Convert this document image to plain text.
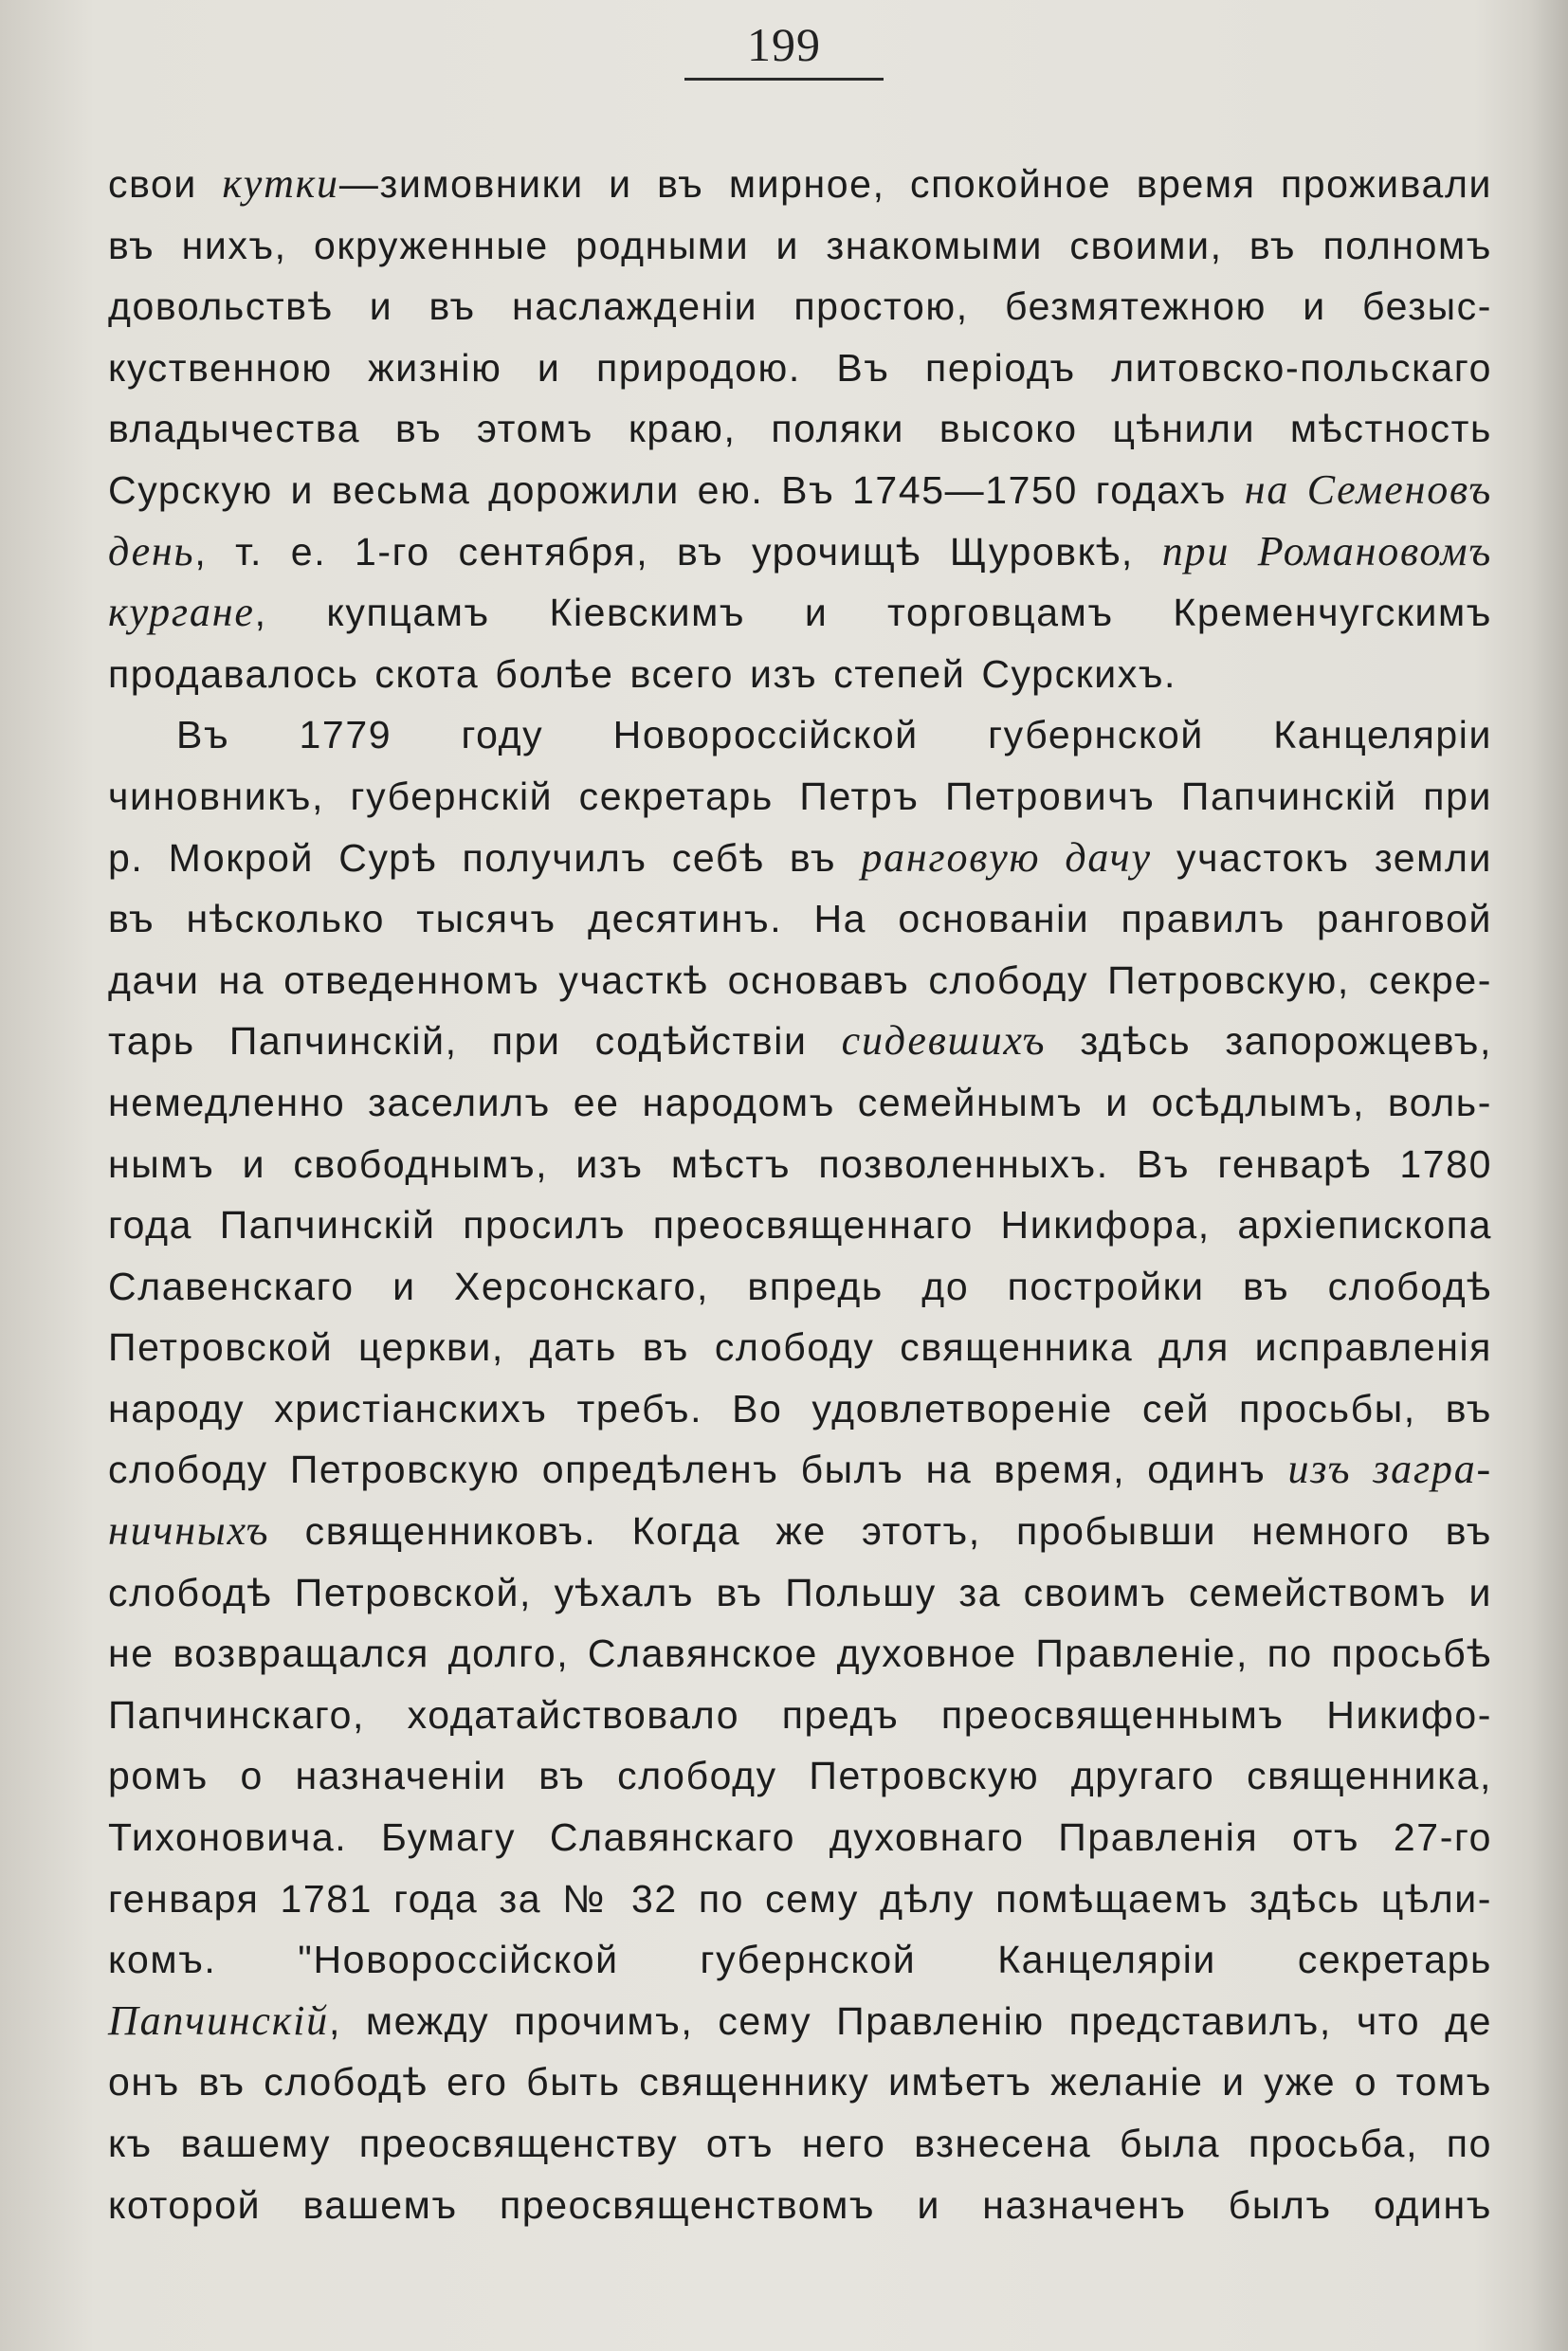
199
свои кутки—зимовники и въ мирное, спокойное время проживали
въ нихъ, окруженные родными и знакомыми своими, въ полномъ
довольствѣ и въ наслажденіи простою, безмятежною и безыс-
куственною жизнію и природою. Въ періодъ литовско-польскаго
владычества въ этомъ краю, поляки высоко цѣнили мѣстность
Сурскую и весьма дорожили ею. Въ 1745—1750 годахъ на Семеновъ
день, т. е. 1-го сентября, въ урочищѣ Щуровкѣ, при Романовомъ
кургане, купцамъ Кіевскимъ и торговцамъ Кременчугскимъ
продавалось скота болѣе всего изъ степей Сурскихъ.
Въ 1779 году Новороссійской губернской Канцеляріи
чиновникъ, губернскій секретарь Петръ Петровичъ Папчинскій при
р. Мокрой Сурѣ получилъ себѣ въ ранговую дачу участокъ земли
въ нѣсколько тысячъ десятинъ. На основаніи правилъ ранговой
дачи на отведенномъ участкѣ основавъ слободу Петровскую, секре-
тарь Папчинскій, при содѣйствіи сидевшихъ здѣсь запорожцевъ,
немедленно заселилъ ее народомъ семейнымъ и осѣдлымъ, воль-
нымъ и свободнымъ, изъ мѣстъ позволенныхъ. Въ генварѣ 1780
года Папчинскій просилъ преосвященнаго Никифора, архіепископа
Славенскаго и Херсонскаго, впредь до постройки въ слободѣ
Петровской церкви, дать въ слободу священника для исправленія
народу христіанскихъ требъ. Во удовлетвореніе сей просьбы, въ
слободу Петровскую опредѣленъ былъ на время, одинъ изъ загра-
ничныхъ священниковъ. Когда же этотъ, пробывши немного въ
слободѣ Петровской, уѣхалъ въ Польшу за своимъ семействомъ и
не возвращался долго, Славянское духовное Правленіе, по просьбѣ
Папчинскаго, ходатайствовало предъ преосвященнымъ Никифо-
ромъ о назначеніи въ слободу Петровскую другаго священника,
Тихоновича. Бумагу Славянскаго духовнаго Правленія отъ 27-го
генваря 1781 года за № 32 по сему дѣлу помѣщаемъ здѣсь цѣли-
комъ. "Новороссійской губернской Канцеляріи секретарь
Папчинскій, между прочимъ, сему Правленію представилъ, что де
онъ въ слободѣ его быть священнику имѣетъ желаніе и уже о томъ
къ вашему преосвященству отъ него взнесена была просьба, по
которой вашемъ преосвященствомъ и назначенъ былъ одинъ
